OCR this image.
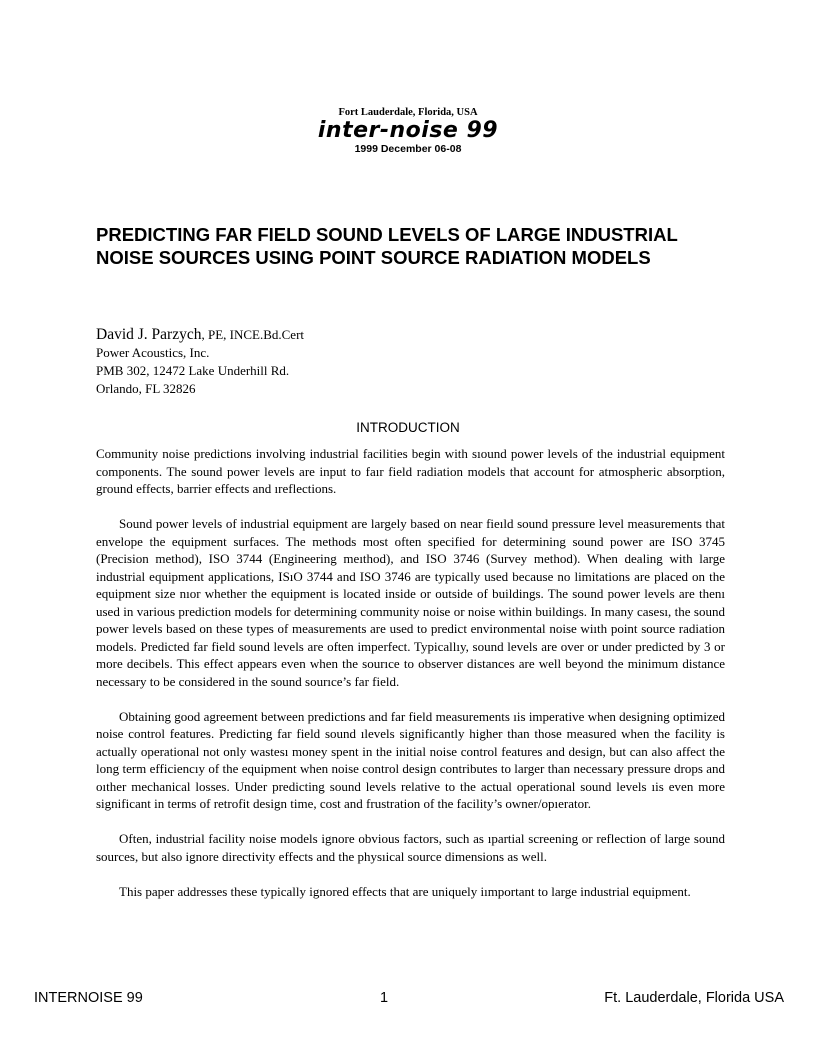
Fort Lauderdale, Florida, USA
inter-noise 99
1999 December 06-08
PREDICTING FAR FIELD SOUND LEVELS OF LARGE INDUSTRIAL
NOISE SOURCES USING POINT SOURCE RADIATION MODELS
David J. Parzych, PE, INCE.Bd.Cert
Power Acoustics, Inc.
PMB 302, 12472 Lake Underhill Rd.
Orlando, FL 32826
INTRODUCTION

Community noise predictions involving industrial facilities begin with sıound power levels of the industrial equipment components. The sound power levels are input to faır field radiation models that account for atmospheric absorption, ground effects, barrier effects and ıreflections.

Sound power levels of industrial equipment are largely based on near fieıld sound pressure level measurements that envelope the equipment surfaces. The methods most often specified for determining sound power are ISO 3745 (Precision method), ISO 3744 (Engineering meıthod), and ISO 3746 (Survey method). When dealing with large industrial equipment applications, ISıO 3744 and ISO 3746 are typically used because no limitations are placed on the equipment size nıor whether the equipment is located inside or outside of buildings. The sound power levels are thenı used in various prediction models for determining community noise or noise within buildings. In many casesı, the sound power levels based on these types of measurements are used to predict environmental noise wiıth point source radiation models. Predicted far field sound levels are often imperfect. Typicallıy, sound levels are over or under predicted by 3 or more decibels. This effect appears even when the sourıce to observer distances are well beyond the minimum distance necessary to be considered in the sound sourıce’s far field.

Obtaining good agreement between predictions and far field measurements ıis imperative when designing optimized noise control features. Predicting far field sound ılevels significantly higher than those measured when the facility is actually operational not only wastesı money spent in the initial noise control features and design, but can also affect the long term efficiencıy of the equipment when noise control design contributes to larger than necessary pressure drops and oıther mechanical losses. Under predicting sound levels relative to the actual operational sound levels ıis even more significant in terms of retrofit design time, cost and frustration of the facility’s owner/opıerator.

Often, industrial facility noise models ignore obvious factors, such as ıpartial screening or reflection of large sound sources, but also ignore directivity effects and the physıical source dimensions as well.

This paper addresses these typically ignored effects that are uniquely iımportant to large industrial equipment.

INTERNOISE 99	1	Ft. Lauderdale, Florida USA
